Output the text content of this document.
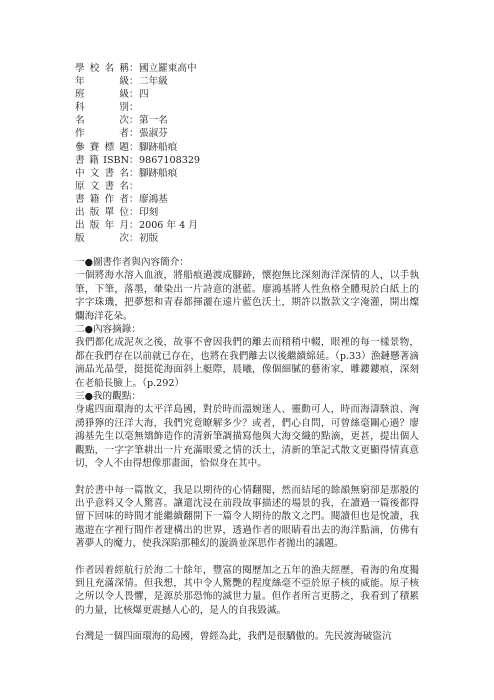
學校名稱 ： 國立羅東高中
年級 ： 二年級
班級 ： 四
科別 ：
名次 ： 第一名
作者 ： 張淑芬
參賽標題 ： 腳跡船痕
書籍ISBN ： 9867108329
中文書名 ： 腳跡船痕
原文書名 ：
書籍作者 ： 廖鴻基
出版單位 ： 印刻
出版年月 ： 2006 年 4 月
版次 ： 初版

一●圖書作者與內容簡介：

一個將海水溶入血液，將船痕過渡成腳跡，懷抱無比深刻海洋深情的人，以手執筆，下筆，落墨，暈染出一片詩意的湛藍。廖鴻基將人性魚格全體現於白紙上的字字珠璣，把夢想和青春都揮灑在遠片藍色沃土，期許以散款文字淹灌，開出燦爛海洋花朵。

二●內容摘錄：

我們都化成泥灰之後，故事不會因我們的離去而稍稍中輟，眼裡的每一樣景物，都在我們存在以前就已存在，也將在我們離去以後繼續綿延。（p.33）漁鏈懸著滴滴晶光晶瑩，挺挺從海面斜上艇際，晨曦，像個細膩的藝術家，雕鏤鏤痕，深刻在老船長臉上。（p.292）

三●我的觀點：

身處四面環海的太平洋島國，對於時而溫婉迷人、靈動可人，時而海濤駭浪、洶湧猙獰的汪洋大海，我們究竟瞭解多少？或者，們心自問，可曾絲毫關心過？廖鴻基先生以毫無矯飾造作的清新筆調描寫他與大海交織的點滴，更甚，提出個人觀點，一字字筆耕出一片充滿眼愛之情的沃土，清新的筆記式散文更顯得情真意切，令人不由得想像那畫面，恰似身在其中。

對於書中每一篇散文，我是以期待的心情翻閱，然而結尾的餘韻無窮卻是那般的出乎意料又令人驚喜。讓還沈浸在前段故事描述的場景的我，在讀過一篇後都得留下回味的時間才能繼續翻開下一篇令人期待的散文之門。閱讀但也是悅讀，我遨遊在字裡行間作者建構出的世界，透過作者的眼睛看出去的海洋點滴，仿佛有著夢人的魔力，使我深陷那種幻的漩渦並深思作者拋出的議題。

作者因着經航行於海二十餘年，豐富的閱歷加之五年的漁夫經歷，看海的角度獨到且充滿深情。但我想，其中令人驚艷的程度絲毫不亞於原子核的威能。原子核之所以令人畏懼，是源於那恐怖的滅世力量。但作者所言更勝之，我看到了積累的力量，比核爆更震撼人心的，是人的自我毀滅。

台灣是一個四面環海的島國，曾經為此，我們是很驕傲的。先民渡海破盜沆
